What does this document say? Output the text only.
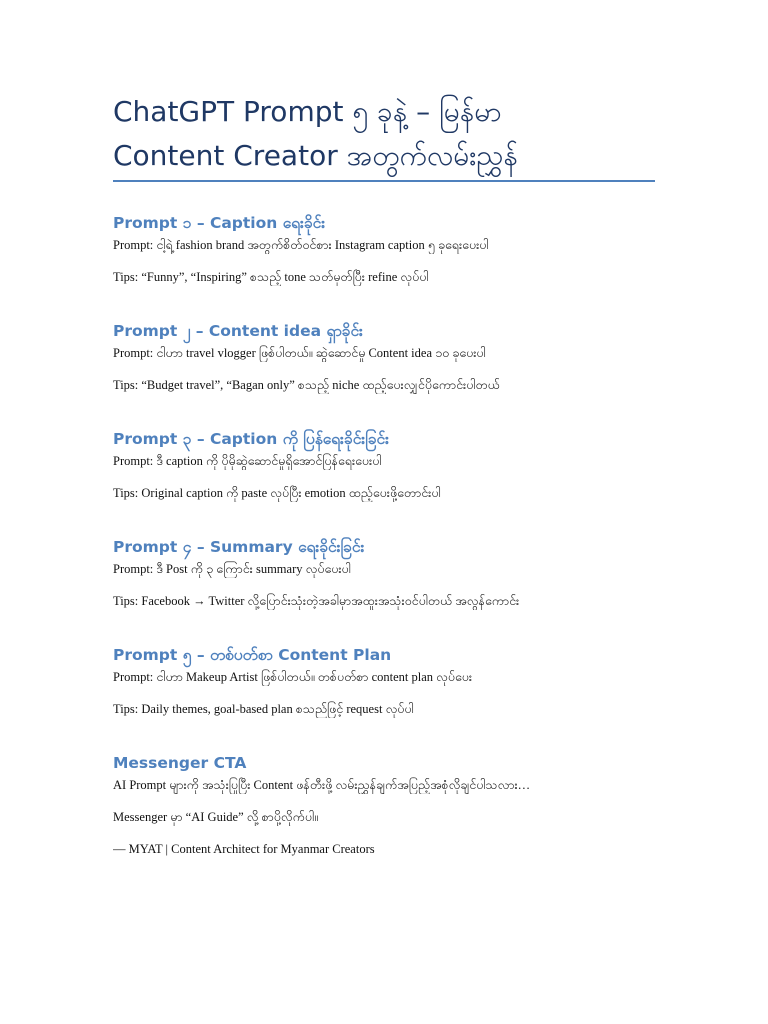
ChatGPT Prompt ၅ ခုနဲ့ – မြန်မာ
Content Creator အတွက်လမ်းညွှန်
Prompt ၁ – Caption ရေးခိုင်း

Prompt: ငါ့ရဲ့ fashion brand အတွက်စိတ်ဝင်စား Instagram caption ၅ ခုရေးပေးပါ

Tips: “Funny”, “Inspiring” စသည့် tone သတ်မှတ်ပြီး refine လုပ်ပါ

Prompt ၂ – Content idea ရှာခိုင်း

Prompt: ငါဟာ travel vlogger ဖြစ်ပါတယ်။ ဆွဲဆောင်မှု Content idea ၁၀ ခုပေးပါ

Tips: “Budget travel”, “Bagan only” စသည့် niche ထည့်ပေးလျှင်ပိုကောင်းပါတယ်

Prompt ၃ – Caption ကို ပြန်ရေးခိုင်းခြင်း

Prompt: ဒီ caption ကို ပိုမိုဆွဲဆောင်မှုရှိအောင်ပြန်ရေးပေးပါ

Tips: Original caption ကို paste လုပ်ပြီး emotion ထည့်ပေးဖို့တောင်းပါ

Prompt ၄ – Summary ရေးခိုင်းခြင်း

Prompt: ဒီ Post ကို ၃ ကြောင်း summary လုပ်ပေးပါ

Tips: Facebook → Twitter လို့ပြောင်းသုံးတဲ့အခါမှာအထူးအသုံးဝင်ပါတယ် အလွန်ကောင်း

Prompt ၅ – တစ်ပတ်စာ Content Plan

Prompt: ငါဟာ Makeup Artist ဖြစ်ပါတယ်။ တစ်ပတ်စာ content plan လုပ်ပေး

Tips: Daily themes, goal-based plan စသည်ဖြင့် request လုပ်ပါ

Messenger CTA

AI Prompt များကို အသုံးပြုပြီး Content ဖန်တီးဖို့ လမ်းညွှန်ချက်အပြည့်အစုံလိုချင်ပါသလား…

Messenger မှာ “AI Guide” လို့ စာပို့လိုက်ပါ။

— MYAT | Content Architect for Myanmar Creators
